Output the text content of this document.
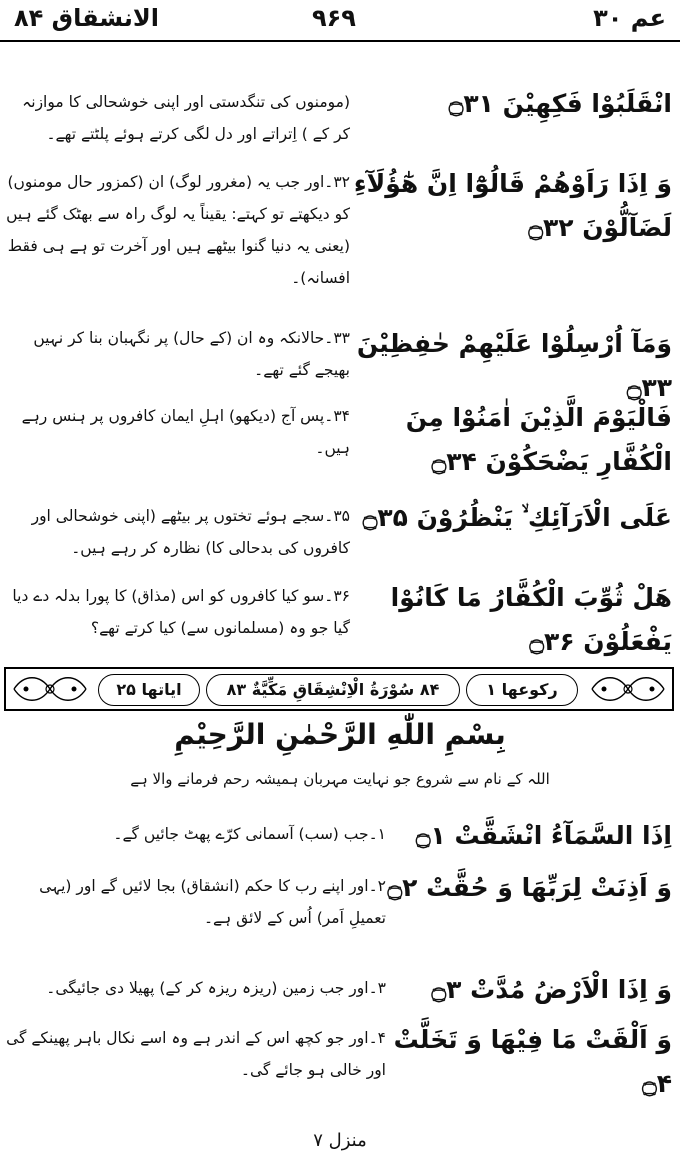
الانشقاق ۸۴	۹۶۹	عم ۳۰
انْقَلَبُوْا فَكِهِيْنَ ۝۳۱
(مومنوں کی تنگدستی اور اپنی خوشحالی کا موازنہ کر کے ) اِتراتے اور دل لگی کرتے ہوئے پلٹتے تھے۔
وَ اِذَا رَاَوْهُمْ قَالُوْٓا اِنَّ هٰٓؤُلَآءِ لَضَآلُّوْنَ ۝۳۲
۳۲۔اور جب یہ (مغرور لوگ) ان (کمزور حال مومنوں) کو دیکھتے تو کہتے: یقیناً یہ لوگ راہ سے بھٹک گئے ہیں (یعنی یہ دنیا گنوا بیٹھے ہیں اور آخرت تو ہے ہی فقط افسانہ)۔
وَمَآ اُرْسِلُوْا عَلَيْهِمْ حٰفِظِيْنَ ۝۳۳
۳۳۔حالانکہ وہ ان (کے حال) پر نگہبان بنا کر نہیں بھیجے گئے تھے۔
فَالْيَوْمَ الَّذِيْنَ اٰمَنُوْا مِنَ الْكُفَّارِ يَضْحَكُوْنَ ۝۳۴
۳۴۔پس آج (دیکھو) اہلِ ایمان کافروں پر ہنس رہے ہیں۔
عَلَى الْاَرَآئِكِ ۙ يَنْظُرُوْنَ ۝۳۵
۳۵۔سجے ہوئے تختوں پر بیٹھے (اپنی خوشحالی اور کافروں کی بدحالی کا) نظارہ کر رہے ہیں۔
هَلْ ثُوِّبَ الْكُفَّارُ مَا كَانُوْا يَفْعَلُوْنَ ۝۳۶
۳۶۔سو کیا کافروں کو اس (مذاق) کا پورا بدلہ دے دیا گیا جو وہ (مسلمانوں سے) کیا کرتے تھے؟
ایاتھا ۲۵	۸۴ سُوْرَةُ الْاِنْشِقَاقِ مَكِّيَّةٌ ۸۳	رکوعھا ۱
بِسْمِ اللّٰهِ الرَّحْمٰنِ الرَّحِيْمِ
اللہ کے نام سے شروع جو نہایت مہربان ہمیشہ رحم فرمانے والا ہے
اِذَا السَّمَآءُ انْشَقَّتْ ۝۱
۱۔جب (سب) آسمانی کرّے پھٹ جائیں گے۔
وَ اَذِنَتْ لِرَبِّهَا وَ حُقَّتْ ۝۲
۲۔اور اپنے رب کا حکم (انشقاق) بجا لائیں گے اور (یہی تعمیلِ اَمر) اُس کے لائق ہے۔
وَ اِذَا الْاَرْضُ مُدَّتْ ۝۳
۳۔اور جب زمین (ریزہ ریزہ کر کے) پھیلا دی جائیگی۔
وَ اَلْقَتْ مَا فِيْهَا وَ تَخَلَّتْ ۝۴
۴۔اور جو کچھ اس کے اندر ہے وہ اسے نکال باہر پھینکے گی اور خالی ہو جائے گی۔
منزل ۷
